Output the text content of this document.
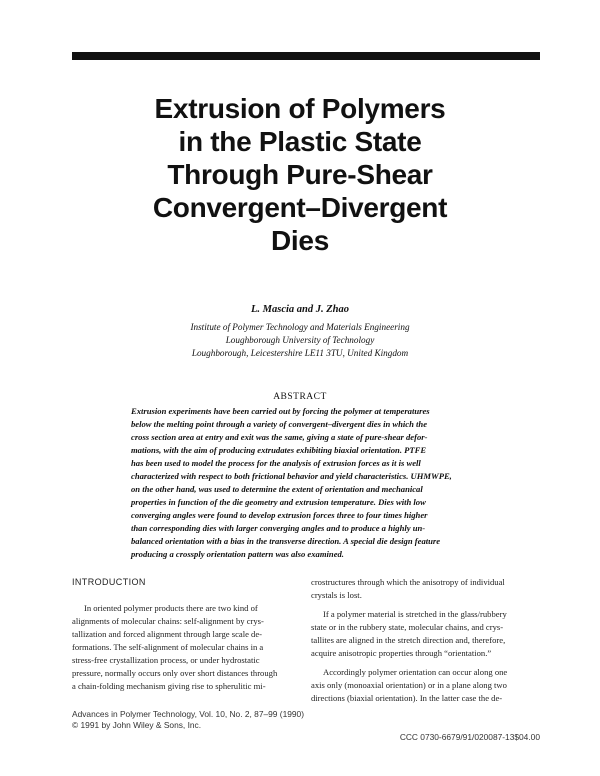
Extrusion of Polymers
in the Plastic State
Through Pure-Shear
Convergent–Divergent
Dies
L. Mascia and J. Zhao
Institute of Polymer Technology and Materials Engineering
Loughborough University of Technology
Loughborough, Leicestershire LE11 3TU, United Kingdom
ABSTRACT
Extrusion experiments have been carried out by forcing the polymer at temperatures
below the melting point through a variety of convergent–divergent dies in which the
cross section area at entry and exit was the same, giving a state of pure-shear defor-
mations, with the aim of producing extrudates exhibiting biaxial orientation. PTFE
has been used to model the process for the analysis of extrusion forces as it is well
characterized with respect to both frictional behavior and yield characteristics. UHMWPE,
on the other hand, was used to determine the extent of orientation and mechanical
properties in function of the die geometry and extrusion temperature. Dies with low
converging angles were found to develop extrusion forces three to four times higher
than corresponding dies with larger converging angles and to produce a highly un-
balanced orientation with a bias in the transverse direction. A special die design feature
producing a crossply orientation pattern was also examined.
INTRODUCTION
In oriented polymer products there are two kind of
alignments of molecular chains: self-alignment by crys-
tallization and forced alignment through large scale de-
formations. The self-alignment of molecular chains in a
stress-free crystallization process, or under hydrostatic
pressure, normally occurs only over short distances through
a chain-folding mechanism giving rise to spherulitic mi-
crostructures through which the anisotropy of individual
crystals is lost.
If a polymer material is stretched in the glass/rubbery
state or in the rubbery state, molecular chains, and crys-
tallites are aligned in the stretch direction and, therefore,
acquire anisotropic properties through “orientation.”
Accordingly polymer orientation can occur along one
axis only (monoaxial orientation) or in a plane along two
directions (biaxial orientation). In the latter case the de-
Advances in Polymer Technology, Vol. 10, No. 2, 87–99 (1990)
© 1991 by John Wiley & Sons, Inc.
CCC 0730-6679/91/020087-13$04.00
